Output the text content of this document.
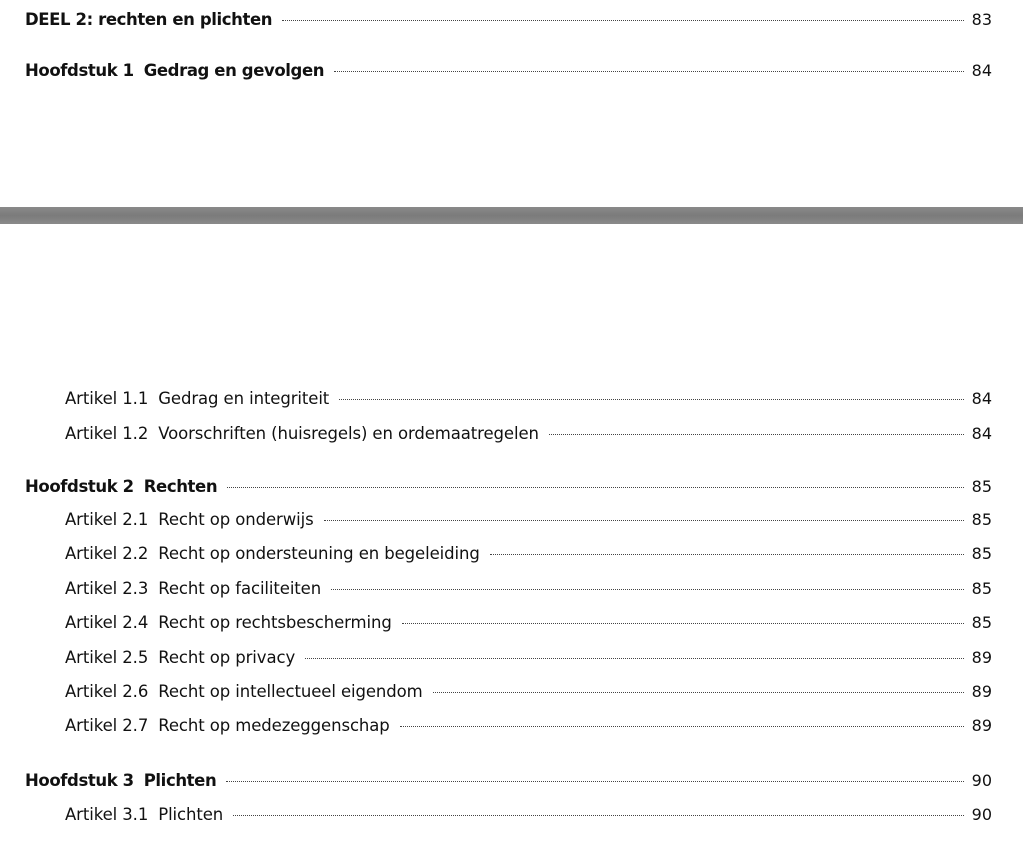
DEEL 2: rechten en plichten	83
Hoofdstuk 1 Gedrag en gevolgen	84
Artikel 1.1 Gedrag en integriteit	84
Artikel 1.2 Voorschriften (huisregels) en ordemaatregelen	84
Hoofdstuk 2 Rechten	85
Artikel 2.1 Recht op onderwijs	85
Artikel 2.2 Recht op ondersteuning en begeleiding	85
Artikel 2.3 Recht op faciliteiten	85
Artikel 2.4 Recht op rechtsbescherming	85
Artikel 2.5 Recht op privacy	89
Artikel 2.6 Recht op intellectueel eigendom	89
Artikel 2.7 Recht op medezeggenschap	89
Hoofdstuk 3 Plichten	90
Artikel 3.1 Plichten	90
